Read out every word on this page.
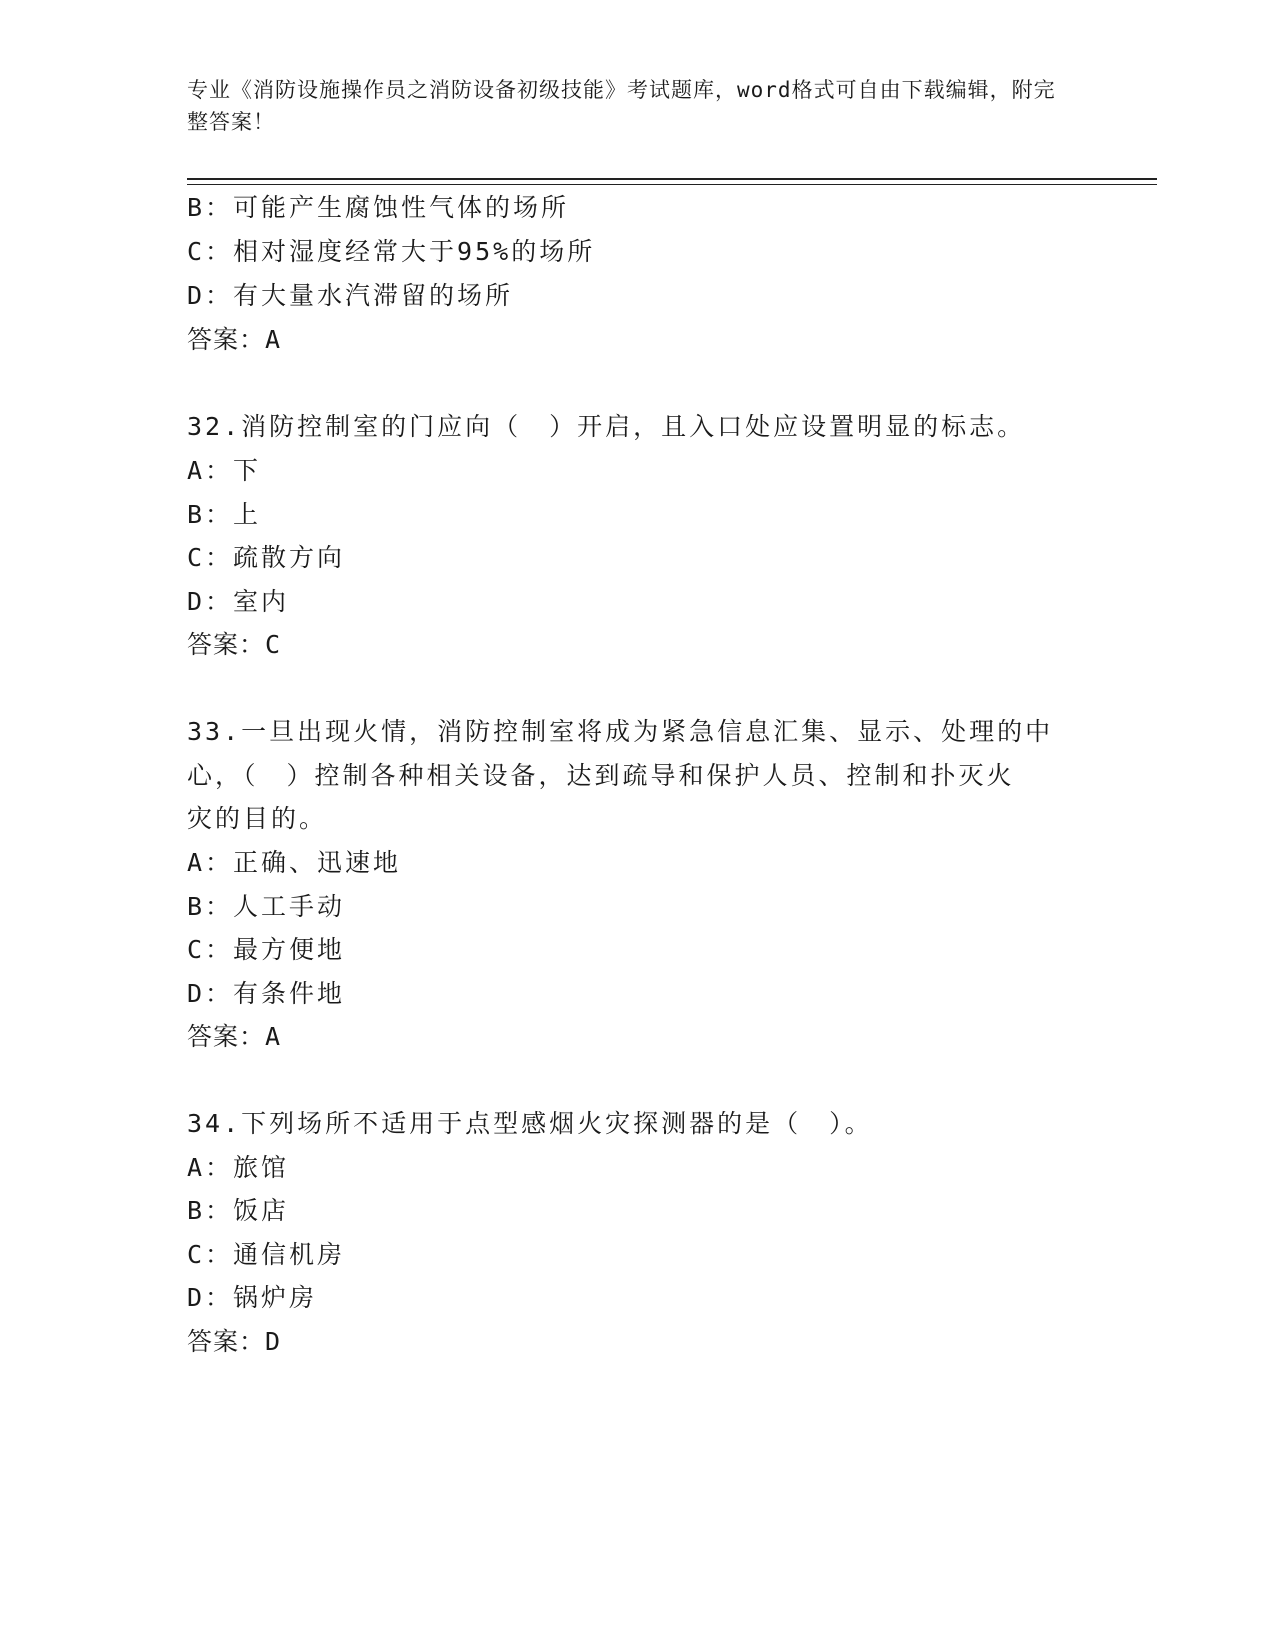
专业《消防设施操作员之消防设备初级技能》考试题库，word格式可自由下载编辑，附完整答案！
B：可能产生腐蚀性气体的场所
C：相对湿度经常大于95%的场所
D：有大量水汽滞留的场所
答案：A
32.消防控制室的门应向（　）开启，且入口处应设置明显的标志。
A：下
B：上
C：疏散方向
D：室内
答案：C
33.一旦出现火情，消防控制室将成为紧急信息汇集、显示、处理的中
心，（　）控制各种相关设备，达到疏导和保护人员、控制和扑灭火
灾的目的。
A：正确、迅速地
B：人工手动
C：最方便地
D：有条件地
答案：A
34.下列场所不适用于点型感烟火灾探测器的是（　）。
A：旅馆
B：饭店
C：通信机房
D：锅炉房
答案：D
